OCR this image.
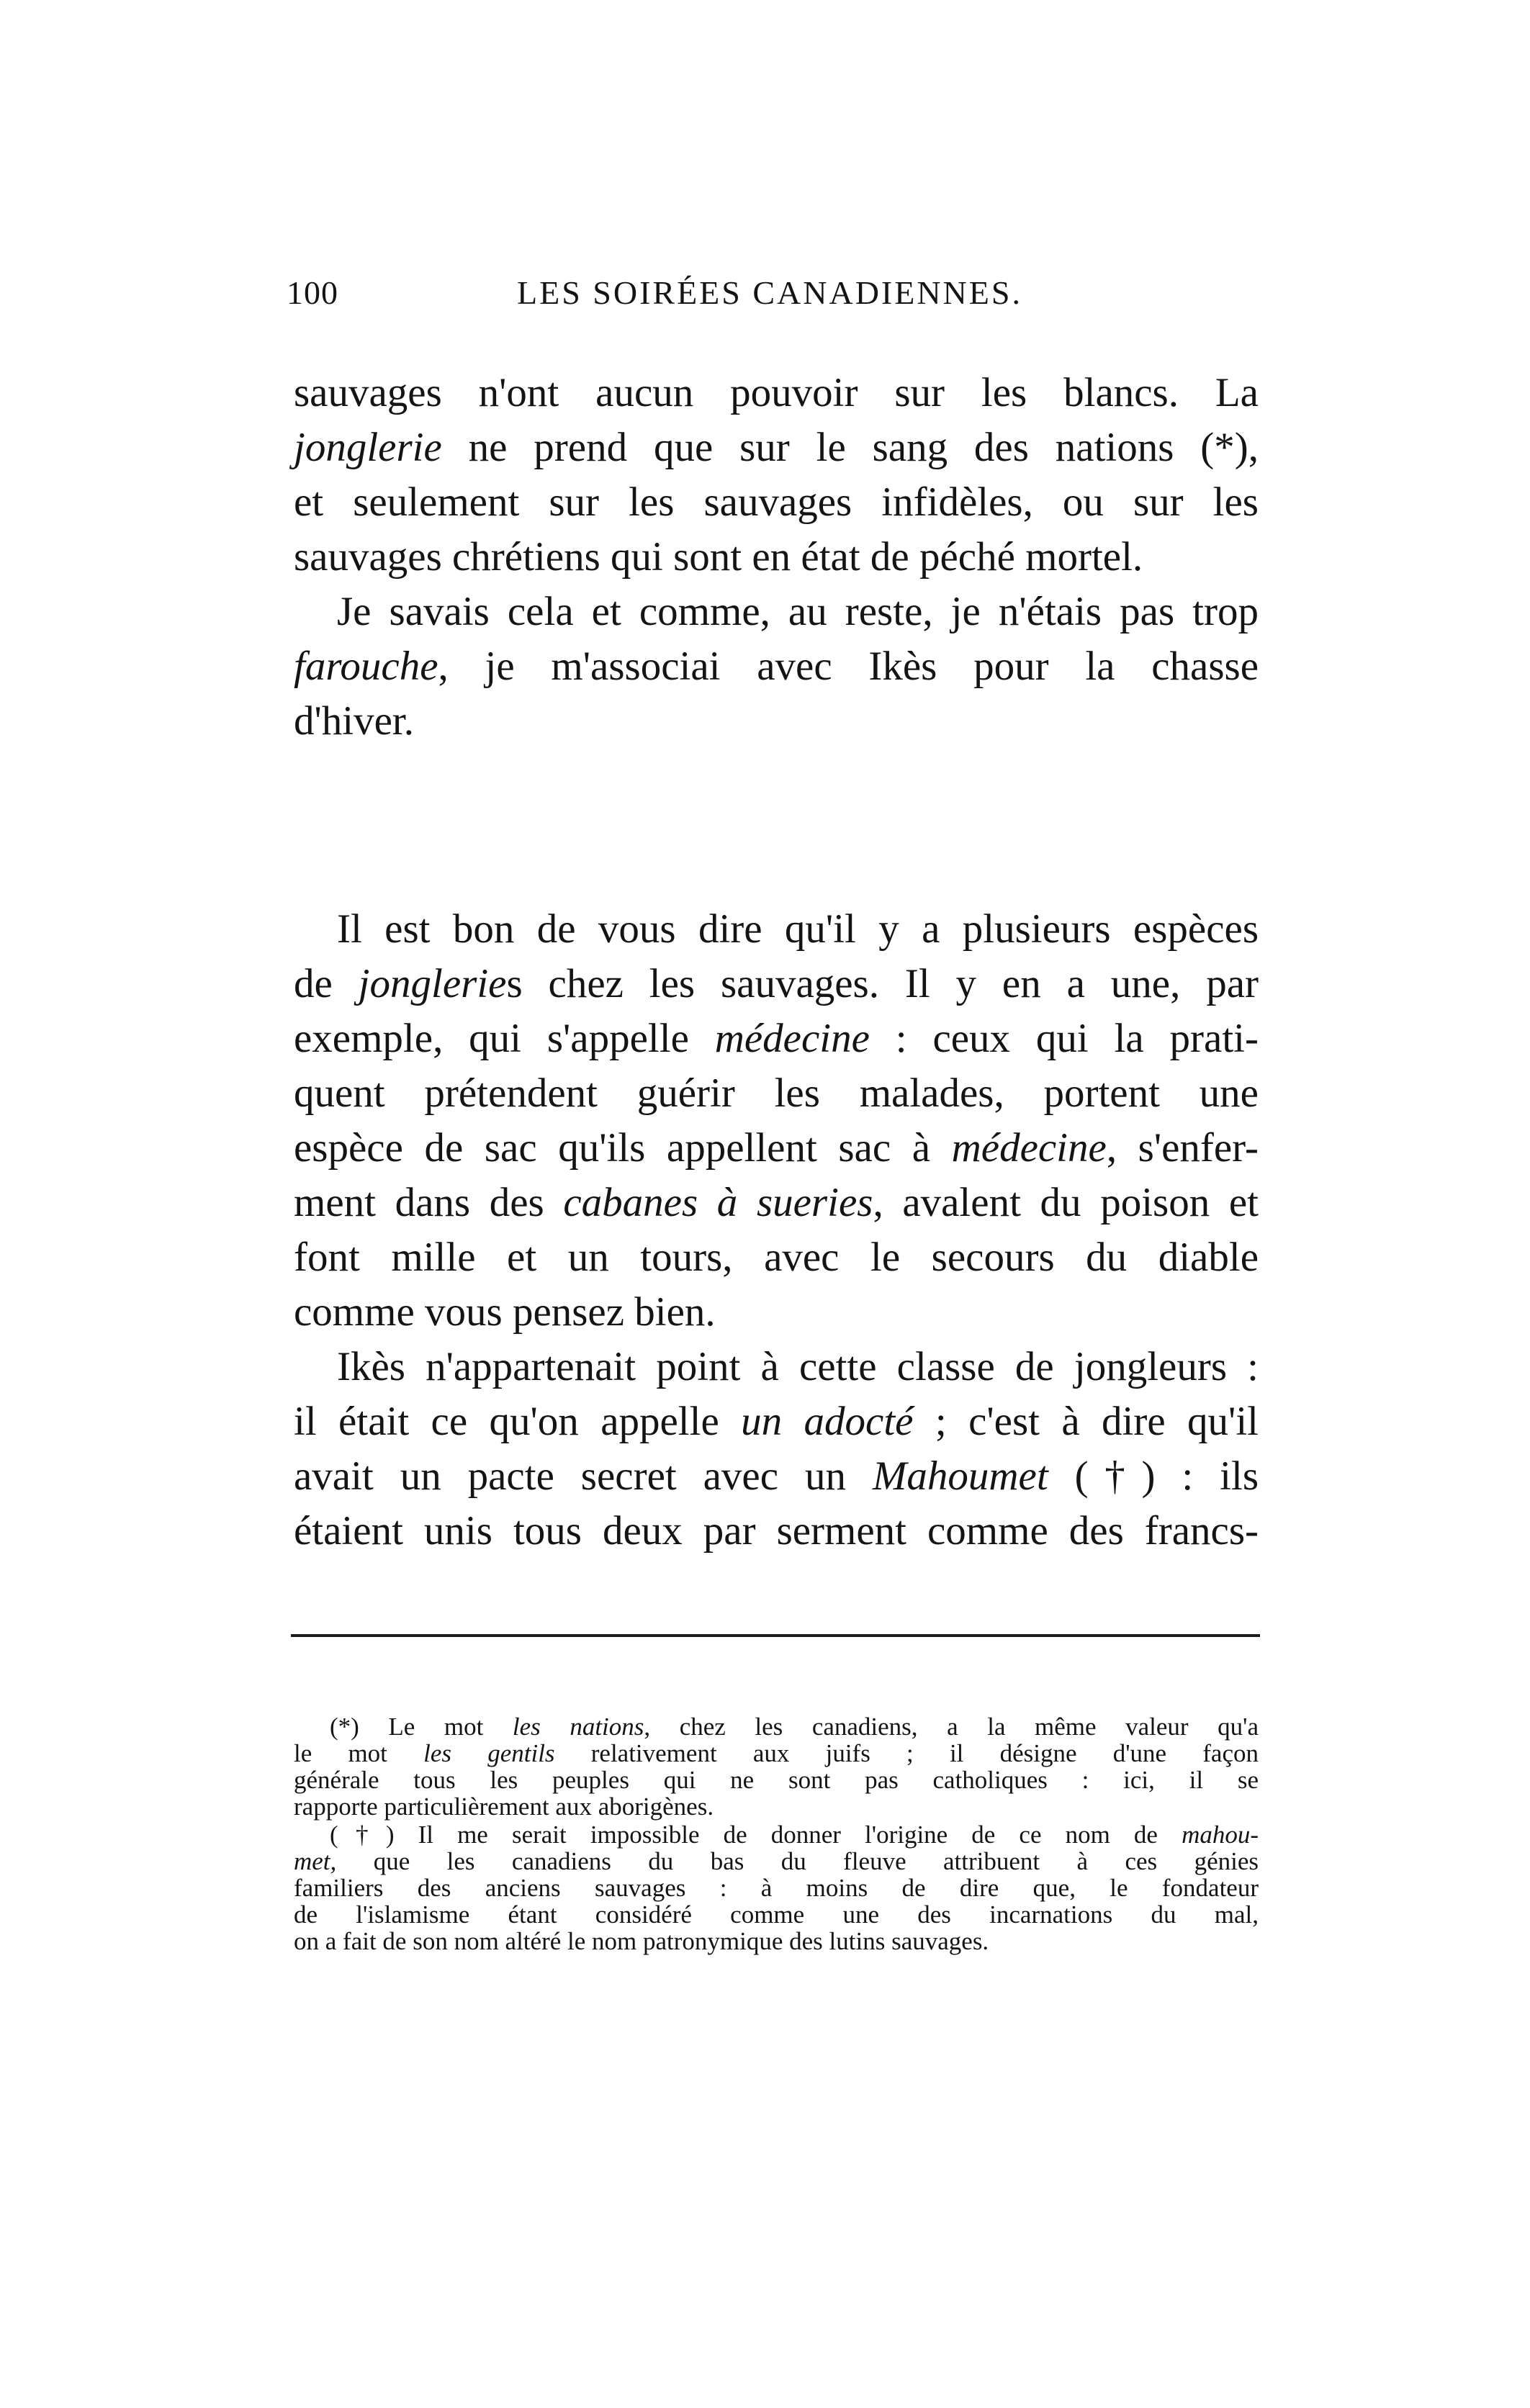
100	LES SOIRÉES CANADIENNES.
sauvages n'ont aucun pouvoir sur les blancs. La
jonglerie ne prend que sur le sang des nations (*),
et seulement sur les sauvages infidèles, ou sur les
sauvages chrétiens qui sont en état de péché mortel.
Je savais cela et comme, au reste, je n'étais pas trop
farouche, je m'associai avec Ikès pour la chasse
d'hiver.
Il est bon de vous dire qu'il y a plusieurs espèces
de jongleries chez les sauvages. Il y en a une, par
exemple, qui s'appelle médecine : ceux qui la prati-
quent prétendent guérir les malades, portent une
espèce de sac qu'ils appellent sac à médecine, s'enfer-
ment dans des cabanes à sueries, avalent du poison et
font mille et un tours, avec le secours du diable
comme vous pensez bien.
Ikès n'appartenait point à cette classe de jongleurs :
il était ce qu'on appelle un adocté ; c'est à dire qu'il
avait un pacte secret avec un Mahoumet (†) : ils
étaient unis tous deux par serment comme des francs-
(*) Le mot les nations, chez les canadiens, a la même valeur qu'a
le mot les gentils relativement aux juifs ; il désigne d'une façon
générale tous les peuples qui ne sont pas catholiques : ici, il se
rapporte particulièrement aux aborigènes.
(†) Il me serait impossible de donner l'origine de ce nom de mahou-
met, que les canadiens du bas du fleuve attribuent à ces génies
familiers des anciens sauvages : à moins de dire que, le fondateur
de l'islamisme étant considéré comme une des incarnations du mal,
on a fait de son nom altéré le nom patronymique des lutins sauvages.
